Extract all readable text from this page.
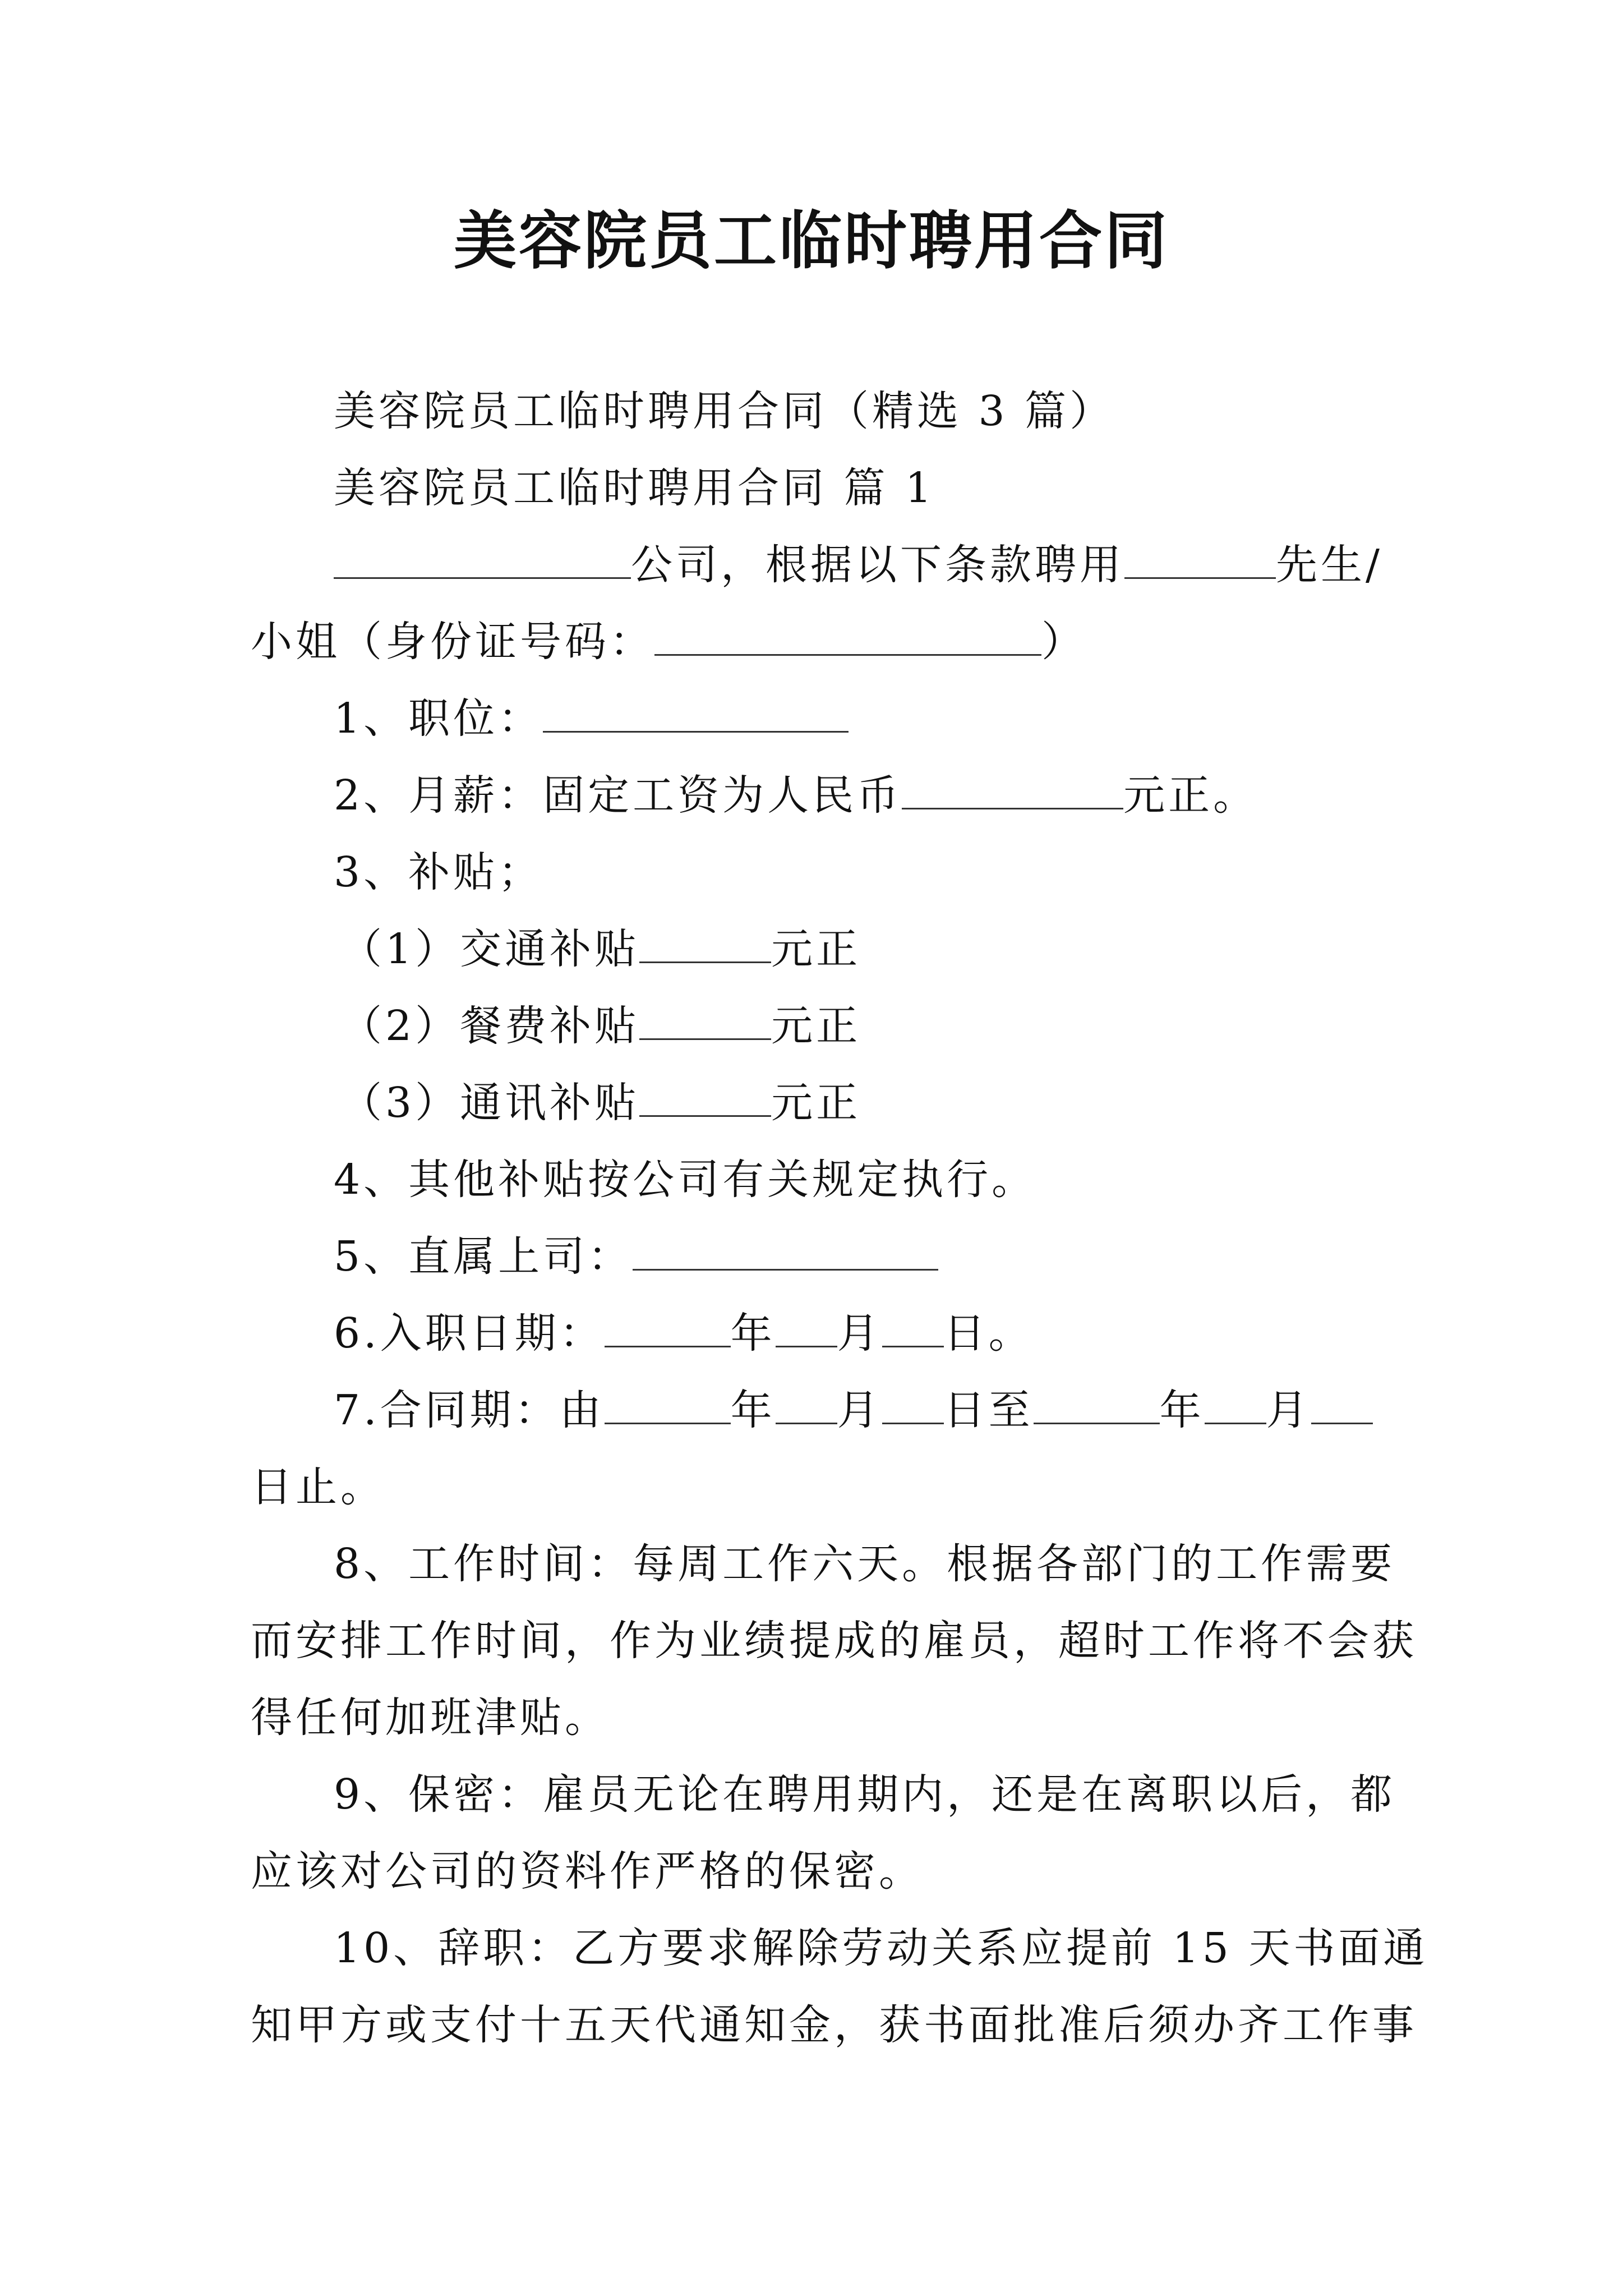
美容院员工临时聘用合同

美容院员工临时聘用合同（精选 3 篇）

美容院员工临时聘用合同 篇 1

公司，根据以下条款聘用	先生/

小姐（身份证号码：	）

1、职位：

2、月薪：固定工资为人民币	元正。

3、补贴；

（1）交通补贴	元正

（2）餐费补贴	元正

（3）通讯补贴	元正

4、其他补贴按公司有关规定执行。

5、直属上司：

6.入职日期：	年 月 日。

7.合同期：由	年 月 日至	年 月

日止。

8、工作时间：每周工作六天。根据各部门的工作需要

而安排工作时间，作为业绩提成的雇员，超时工作将不会获

得任何加班津贴。

9、保密：雇员无论在聘用期内，还是在离职以后，都

应该对公司的资料作严格的保密。

10、辞职：乙方要求解除劳动关系应提前 15 天书面通

知甲方或支付十五天代通知金，获书面批准后须办齐工作事
